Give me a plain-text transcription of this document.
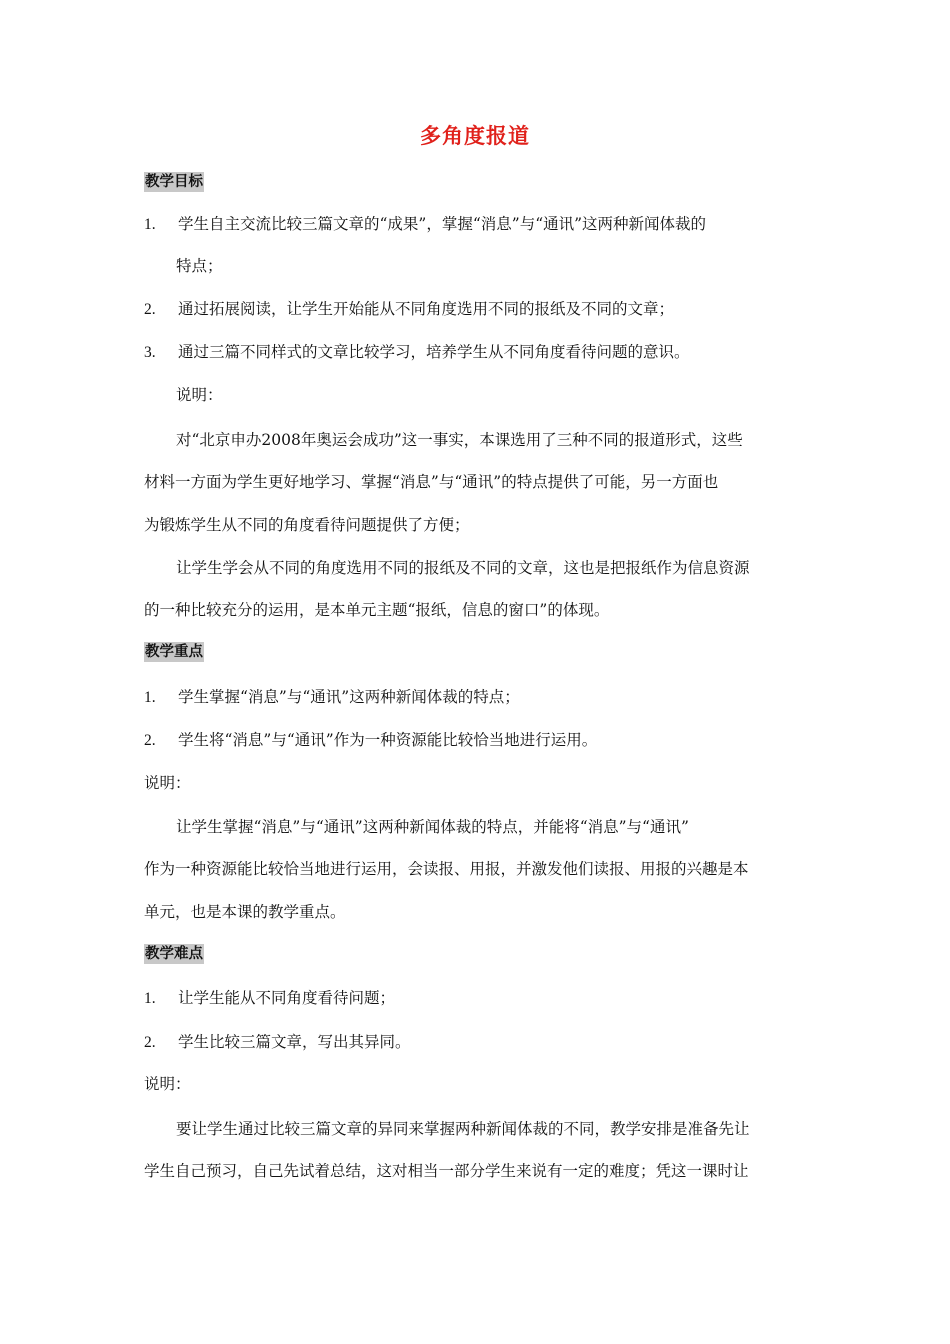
多角度报道
教学目标
1. 学生自主交流比较三篇文章的“成果”，掌握“消息”与“通讯”这两种新闻体裁的
特点；
2. 通过拓展阅读，让学生开始能从不同角度选用不同的报纸及不同的文章；
3. 通过三篇不同样式的文章比较学习，培养学生从不同角度看待问题的意识。
说明：
对“北京申办2008年奥运会成功”这一事实，本课选用了三种不同的报道形式，这些
材料一方面为学生更好地学习、掌握“消息”与“通讯”的特点提供了可能，另一方面也
为锻炼学生从不同的角度看待问题提供了方便；
让学生学会从不同的角度选用不同的报纸及不同的文章，这也是把报纸作为信息资源
的一种比较充分的运用，是本单元主题“报纸，信息的窗口”的体现。
教学重点
1. 学生掌握“消息”与“通讯”这两种新闻体裁的特点；
2. 学生将“消息”与“通讯”作为一种资源能比较恰当地进行运用。
说明：
让学生掌握“消息”与“通讯”这两种新闻体裁的特点，并能将“消息”与“通讯”
作为一种资源能比较恰当地进行运用，会读报、用报，并激发他们读报、用报的兴趣是本
单元，也是本课的教学重点。
教学难点
1. 让学生能从不同角度看待问题；
2. 学生比较三篇文章，写出其异同。
说明：
要让学生通过比较三篇文章的异同来掌握两种新闻体裁的不同，教学安排是准备先让
学生自己预习，自己先试着总结，这对相当一部分学生来说有一定的难度；凭这一课时让
